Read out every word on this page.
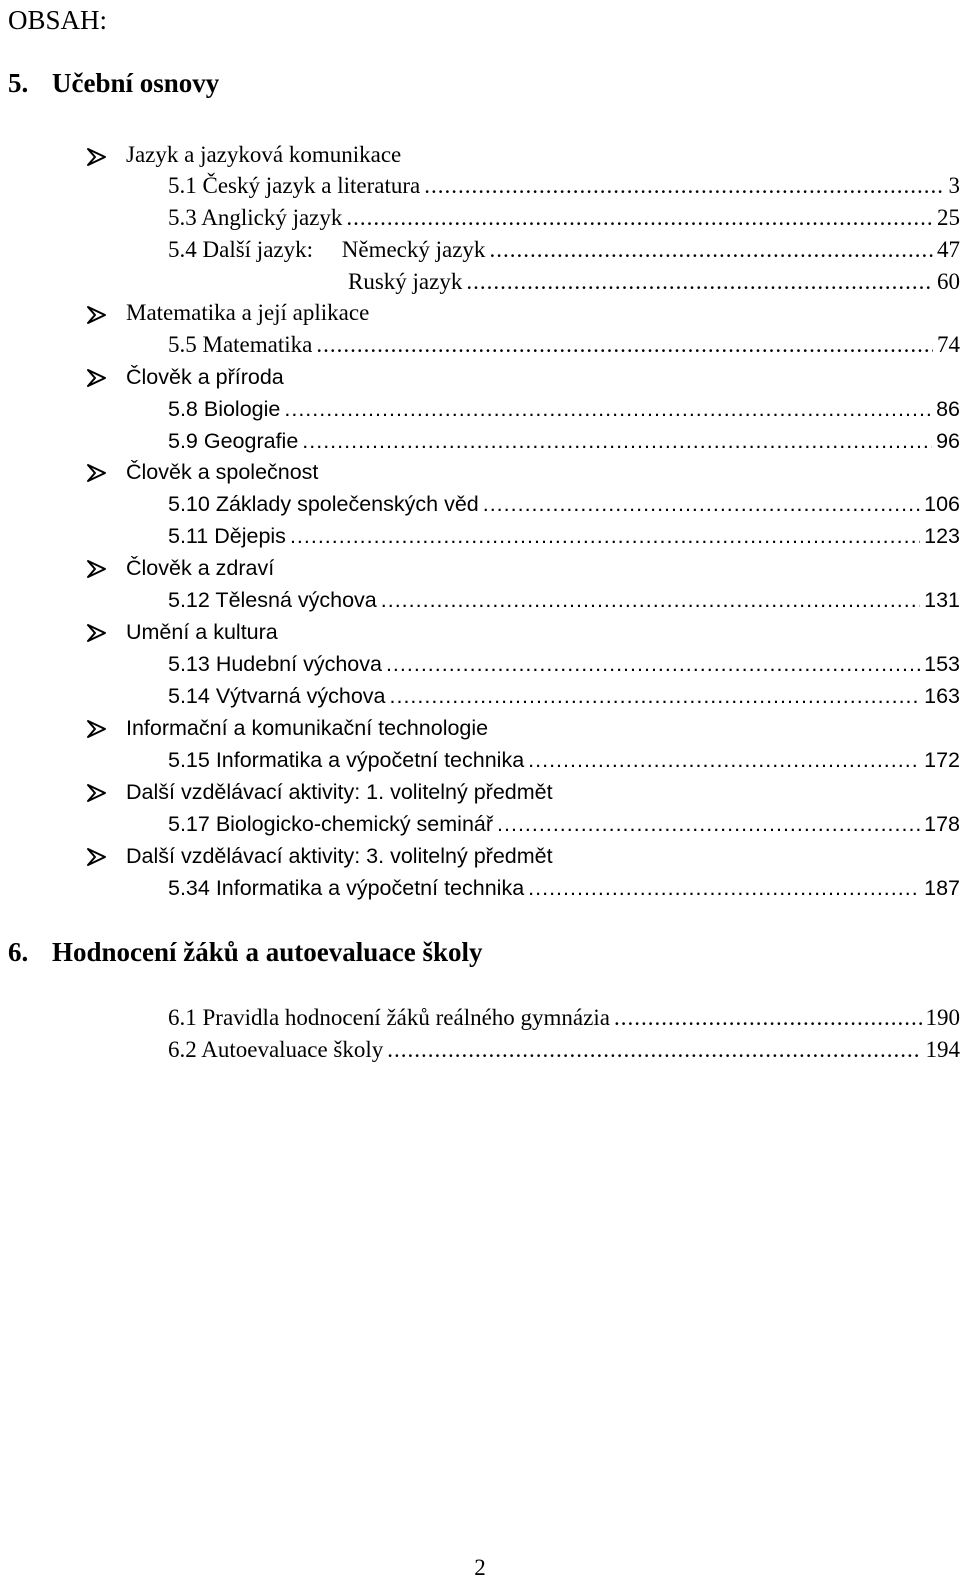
OBSAH:
5. Učební osnovy
Jazyk a jazyková komunikace
5.1 Český jazyk a literatura .....	3
5.3 Anglický jazyk .....	25
5.4 Další jazyk:     Německý jazyk .....	47
Ruský jazyk .....	60
Matematika a její aplikace
5.5 Matematika .....	74
Člověk a příroda
5.8 Biologie .....	86
5.9 Geografie .....	96
Člověk a společnost
5.10 Základy společenských věd .....	106
5.11 Dějepis .....	123
Člověk a zdraví
5.12 Tělesná výchova .....	131
Umění a kultura
5.13 Hudební výchova .....	153
5.14 Výtvarná výchova .....	163
Informační a komunikační technologie
5.15 Informatika a výpočetní technika .....	172
Další vzdělávací aktivity: 1. volitelný předmět
5.17 Biologicko-chemický seminář .....	178
Další vzdělávací aktivity: 3. volitelný předmět
5.34 Informatika a výpočetní technika .....	187
6. Hodnocení žáků a autoevaluace školy
6.1 Pravidla hodnocení žáků reálného gymnázia .....	190
6.2 Autoevaluace školy .....	194
2
